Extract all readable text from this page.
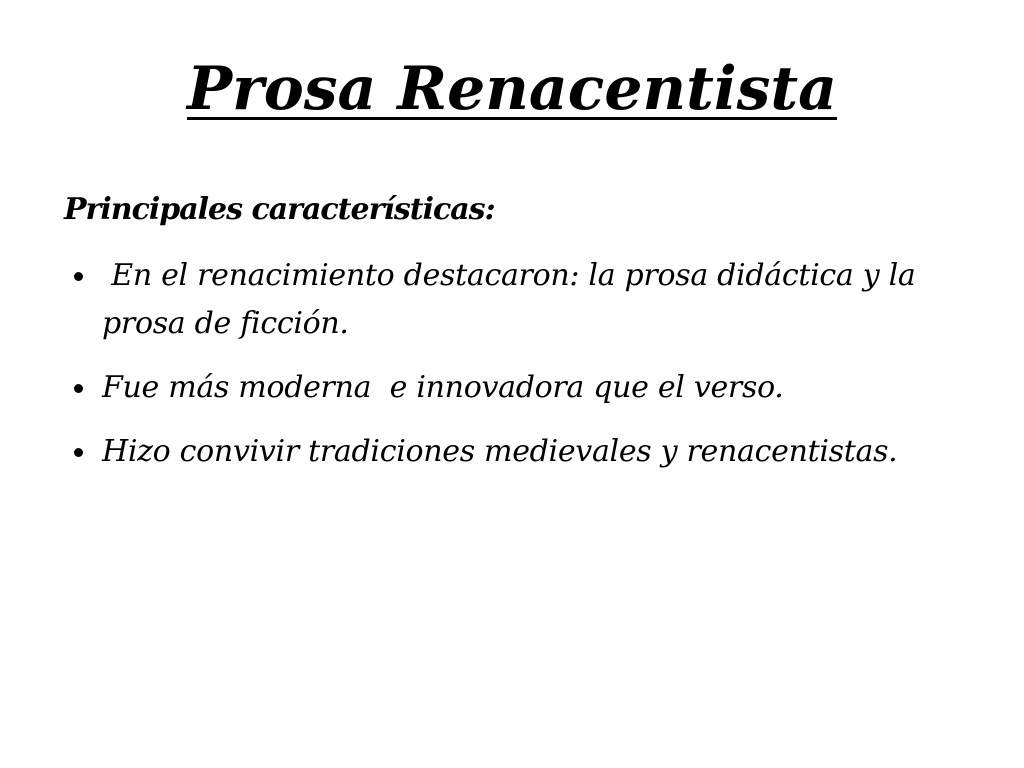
Prosa Renacentista

Principales características:

En el renacimiento destacaron: la prosa didáctica y la prosa de ficción.
Fue más moderna  e innovadora que el verso.
Hizo convivir tradiciones medievales y renacentistas.
